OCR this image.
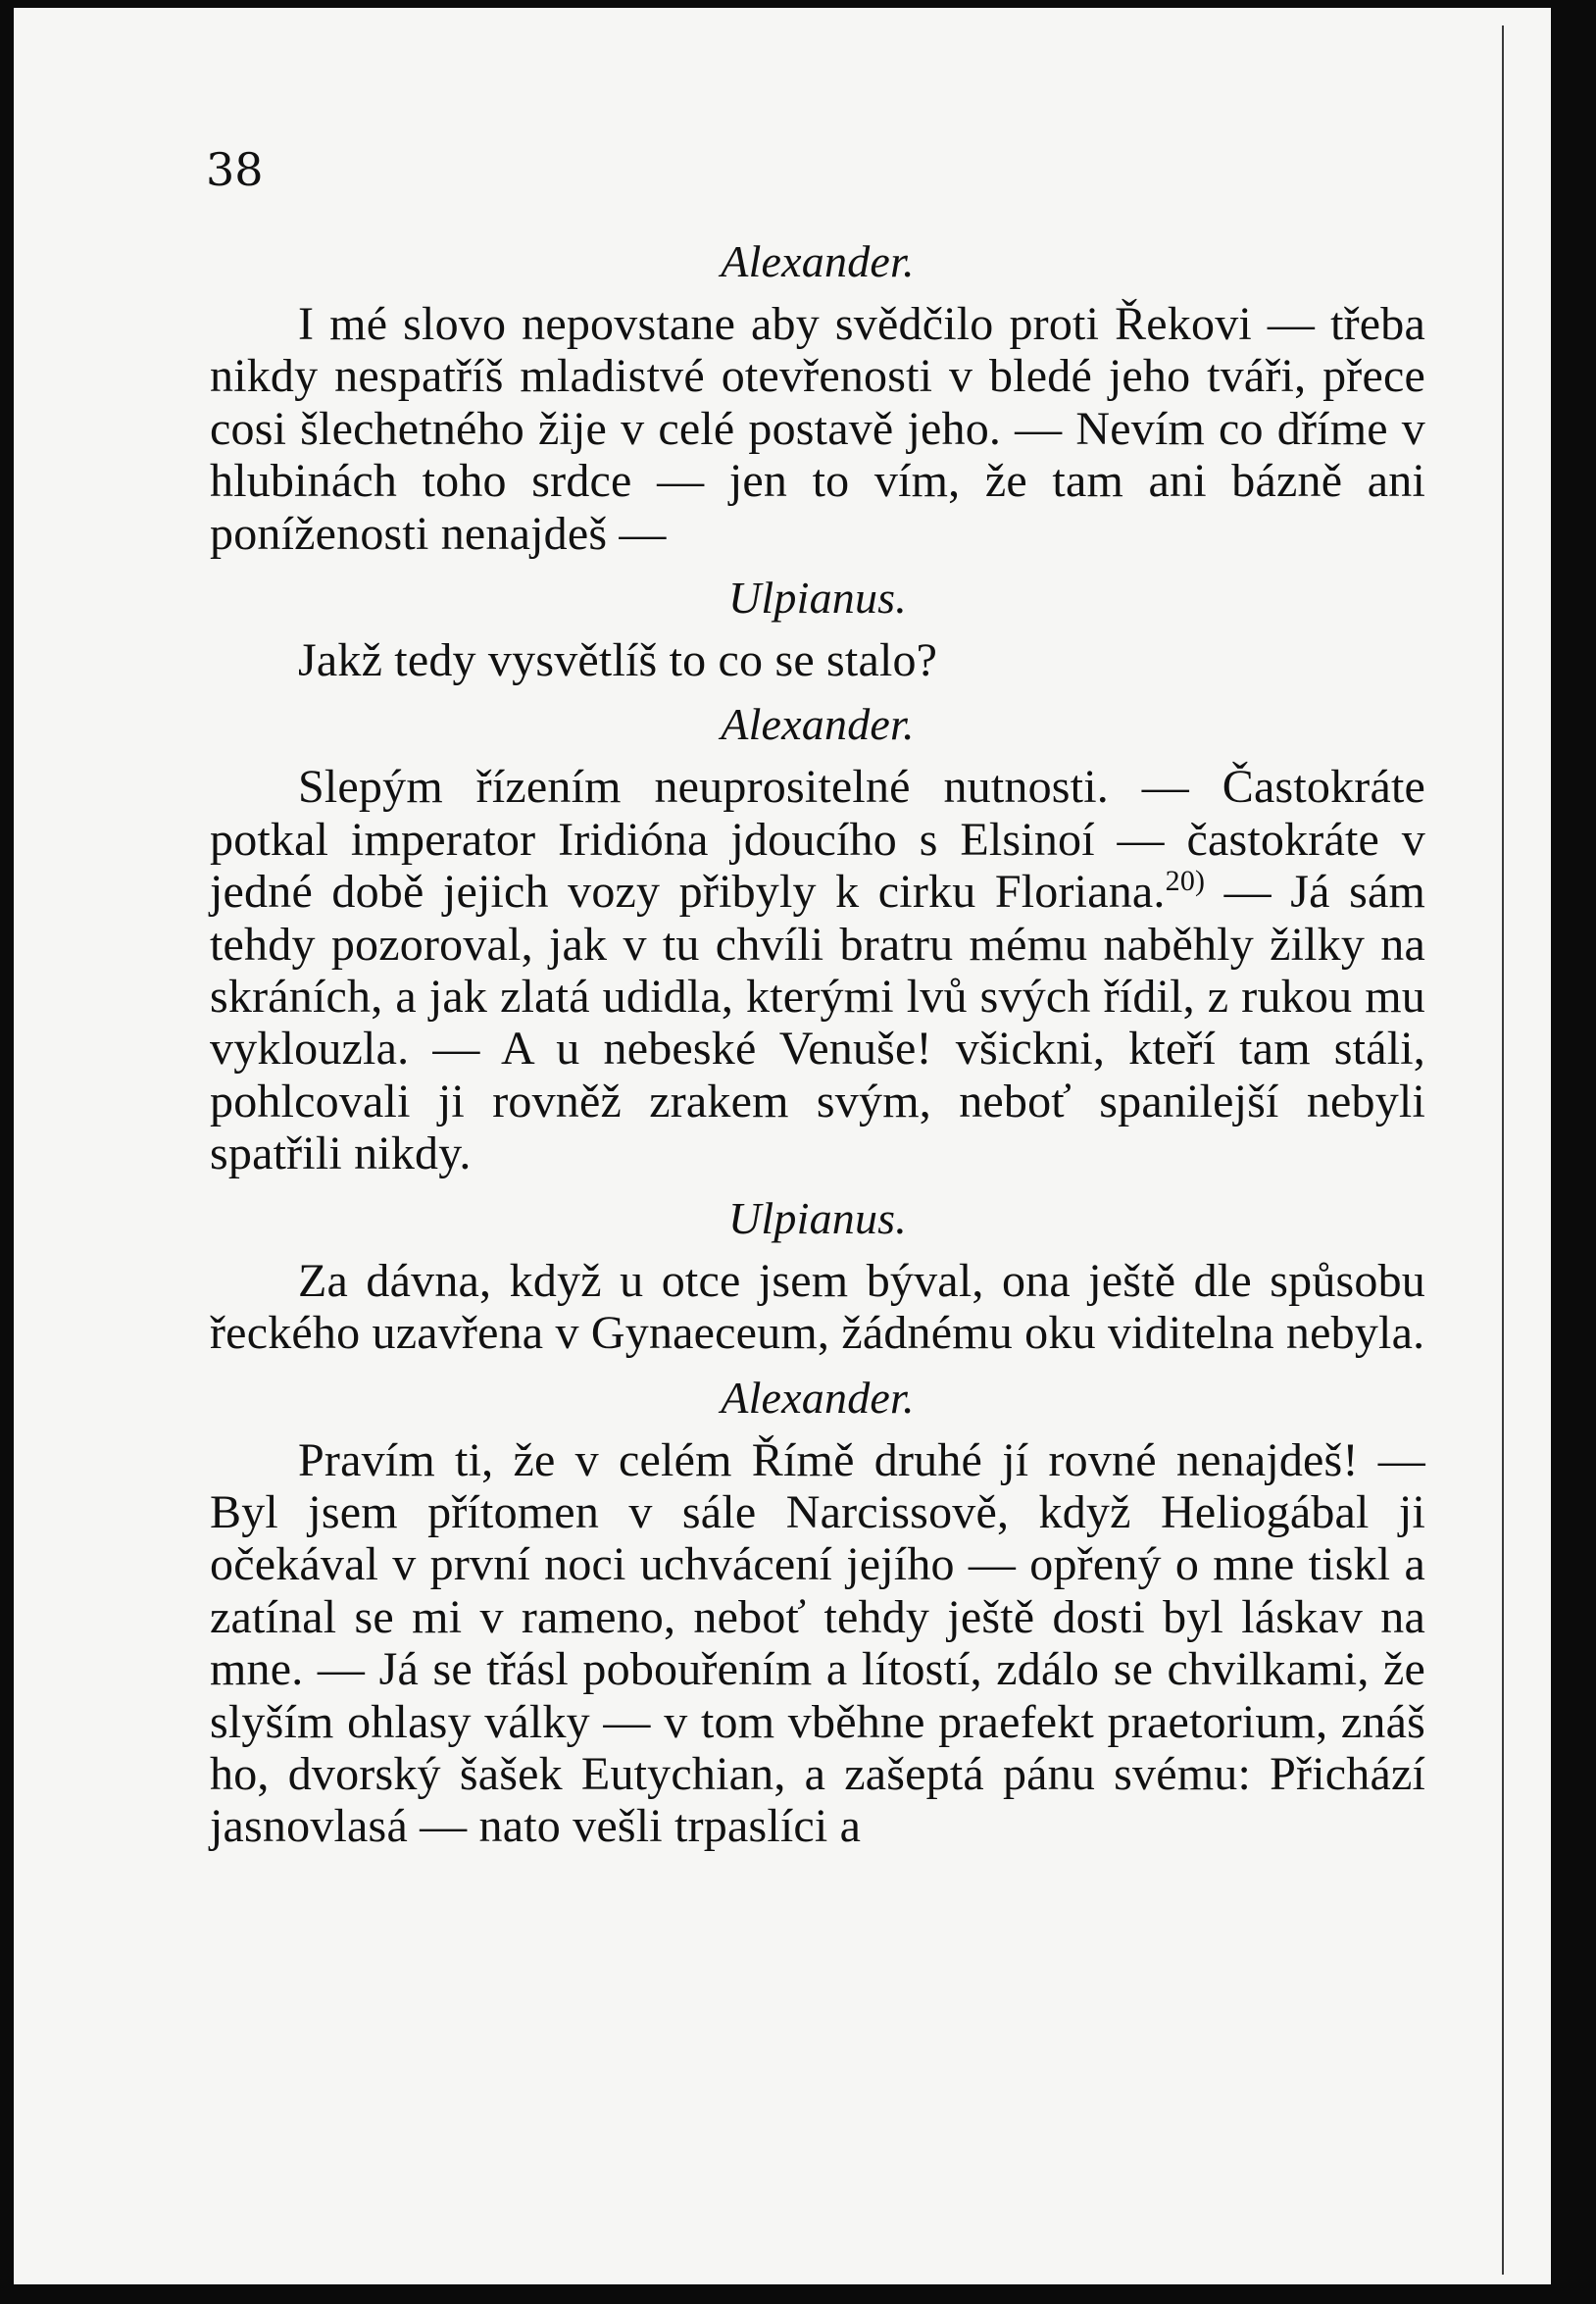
38
Alexander.

I mé slovo nepovstane aby svědčilo proti Řekovi — třeba nikdy nespatříš mladistvé otevřenosti v bledé jeho tváři, přece cosi šlechetného žije v celé postavě jeho. — Nevím co dříme v hlubinách toho srdce — jen to vím, že tam ani bázně ani poníženosti nenajdeš —

Ulpianus.

Jakž tedy vysvětlíš to co se stalo?

Alexander.

Slepým řízením neuprositelné nutnosti. — Častokráte potkal imperator Iridióna jdoucího s Elsinoí — častokráte v jedné době jejich vozy přibyly k cirku Floriana.$^{20)}$ — Já sám tehdy pozoroval, jak v tu chvíli bratru mému naběhly žilky na skráních, a jak zlatá udidla, kterými lvů svých řídil, z rukou mu vyklouzla. — A u nebeské Venuše! všickni, kteří tam stáli, pohlcovali ji rovněž zrakem svým, neboť spanilejší nebyli spatřili nikdy.

Ulpianus.

Za dávna, když u otce jsem býval, ona ještě dle spůsobu řeckého uzavřena v Gynaeceum, žádnému oku viditelna nebyla.

Alexander.

Pravím ti, že v celém Římě druhé jí rovné nenajdeš! — Byl jsem přítomen v sále Narcissově, když Heliogábal ji očekával v první noci uchvácení jejího — opřený o mne tiskl a zatínal se mi v rameno, neboť tehdy ještě dosti byl láskav na mne. — Já se třásl pobouřením a lítostí, zdálo se chvilkami, že slyším ohlasy války — v tom vběhne praefekt praetorium, znáš ho, dvorský šašek Eutychian, a zašeptá pánu svému: Přichází jasnovlasá — nato vešli trpaslíci a
